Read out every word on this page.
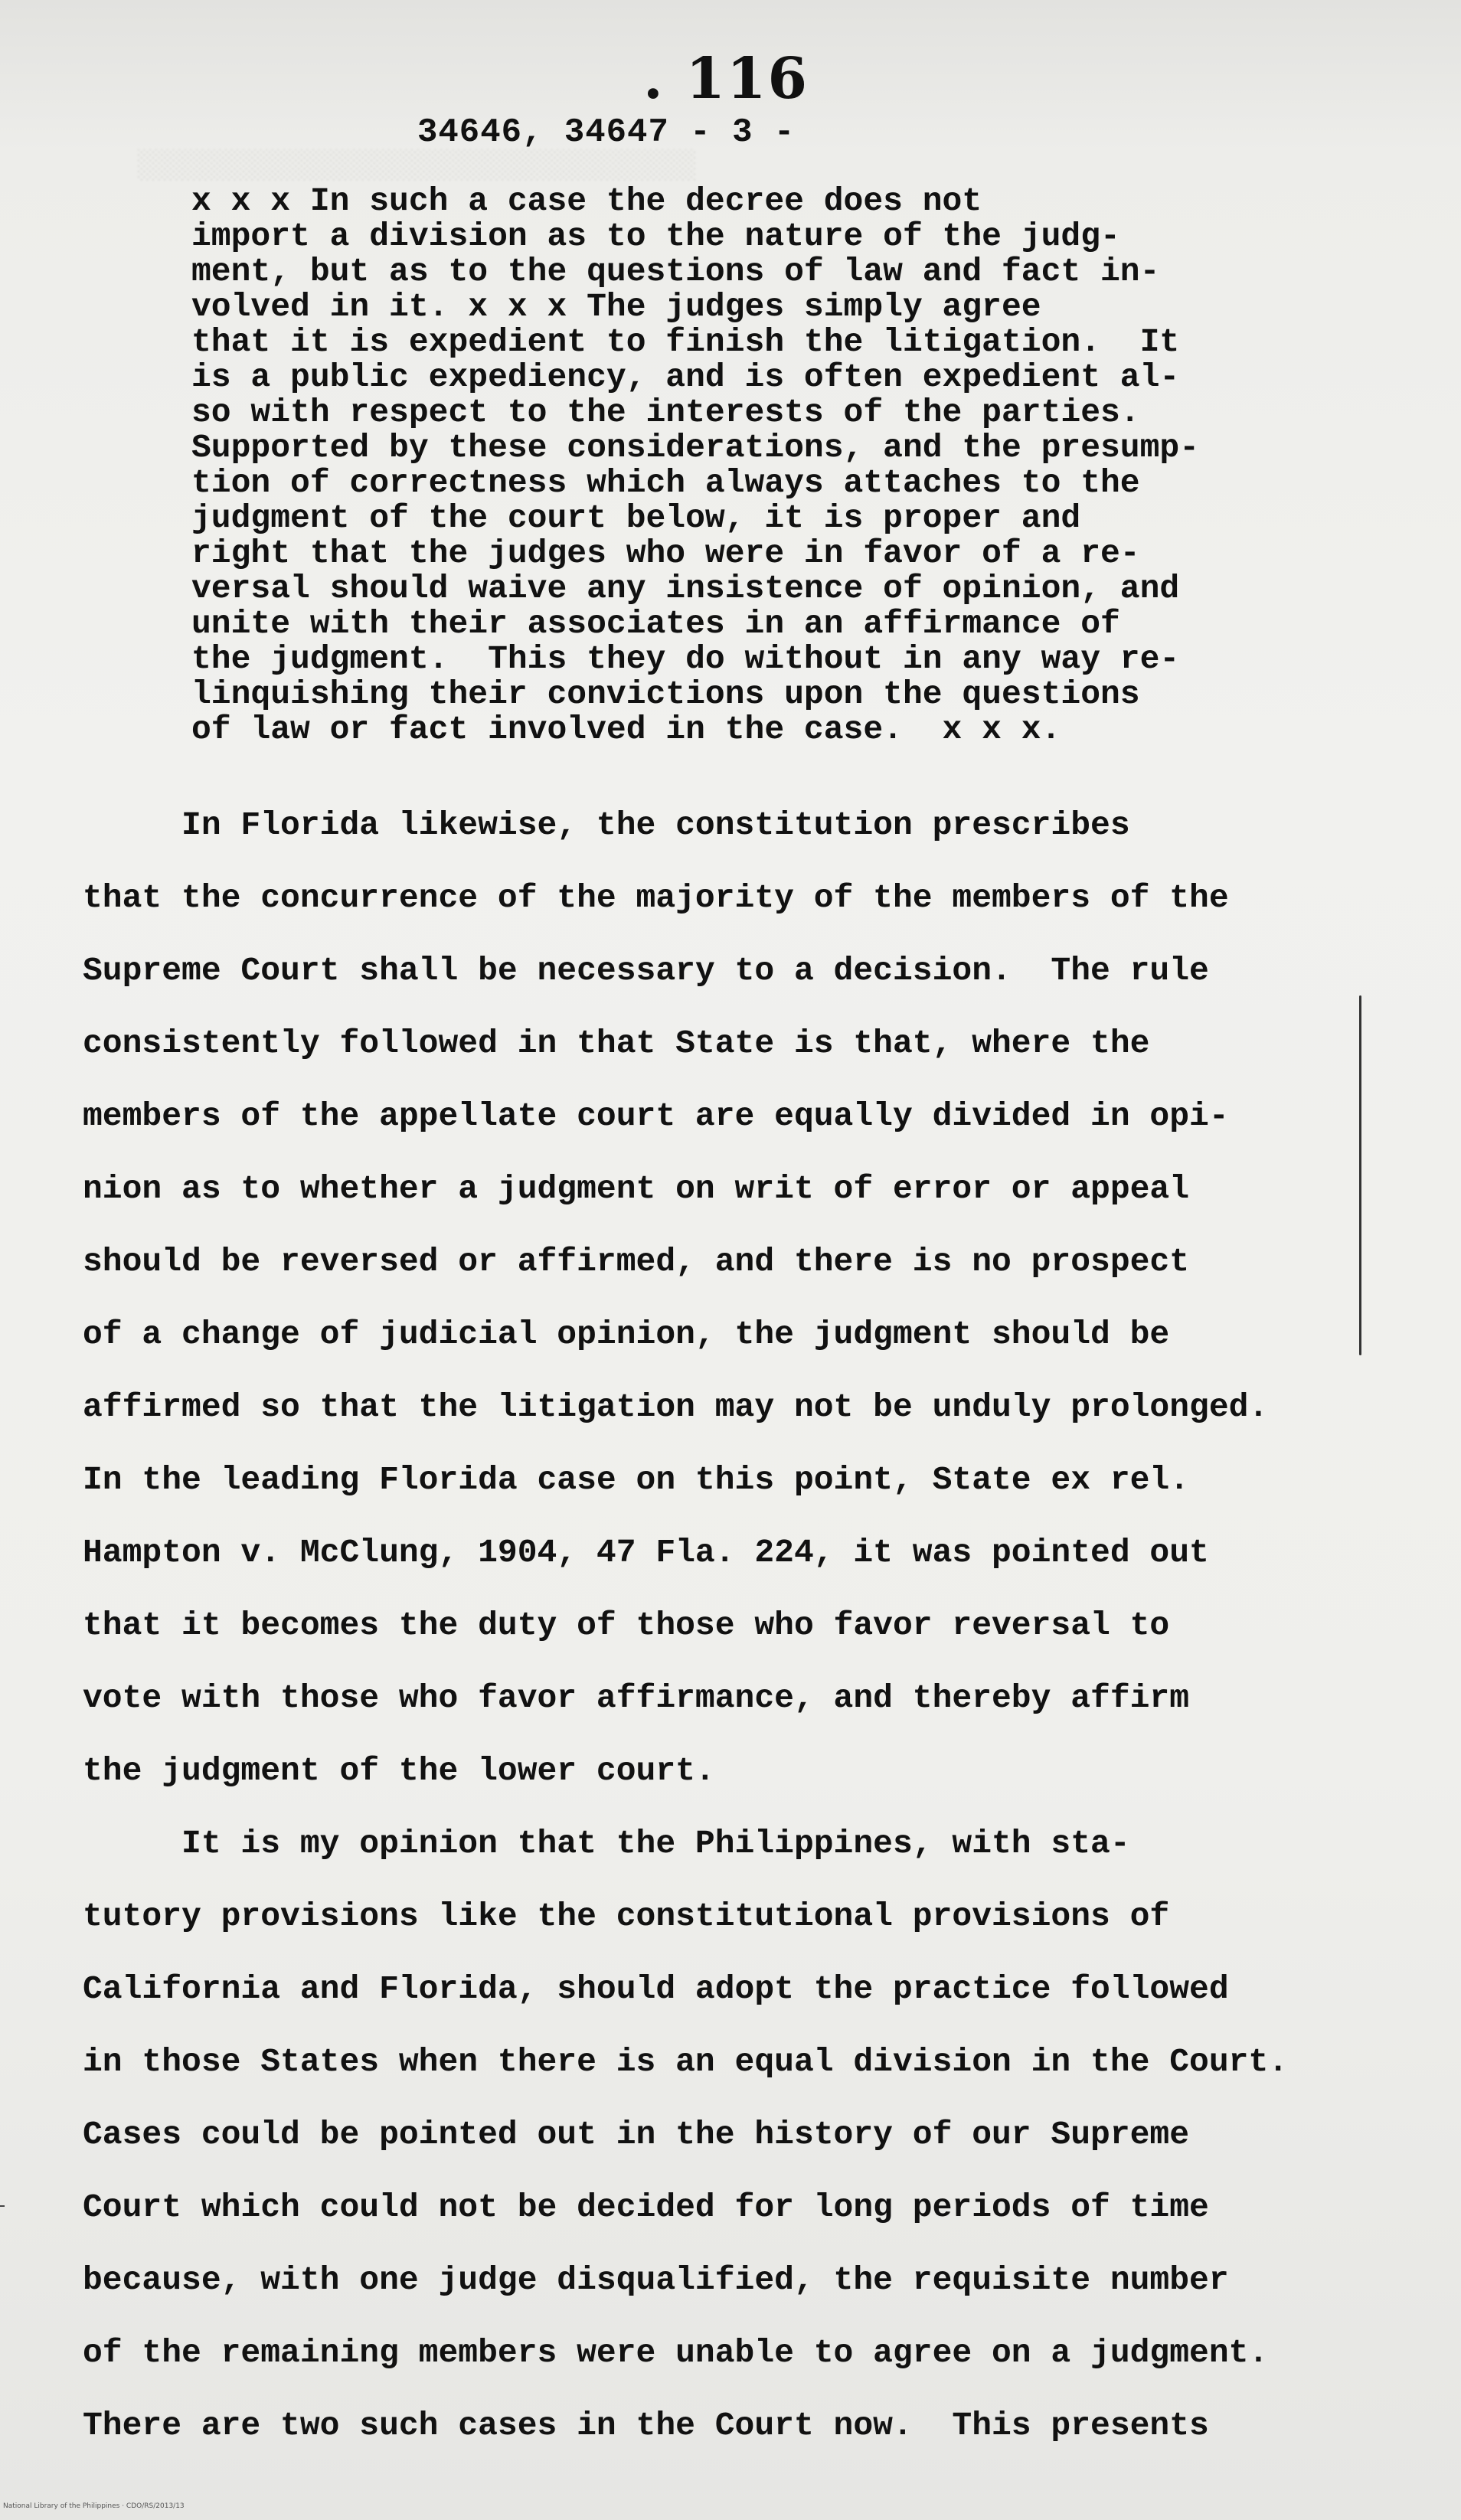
░░░░░░░░░░░░░░░░░░░░░░░░░░░░░░░░
. 116
34646, 34647 - 3 -
x x x In such a case the decree does not
import a division as to the nature of the judg-
ment, but as to the questions of law and fact in-
volved in it. x x x The judges simply agree
that it is expedient to finish the litigation.  It
is a public expediency, and is often expedient al-
so with respect to the interests of the parties.
Supported by these considerations, and the presump-
tion of correctness which always attaches to the
judgment of the court below, it is proper and
right that the judges who were in favor of a re-
versal should waive any insistence of opinion, and
unite with their associates in an affirmance of
the judgment.  This they do without in any way re-
linquishing their convictions upon the questions
of law or fact involved in the case.  x x x.
In Florida likewise, the constitution prescribes
that the concurrence of the majority of the members of the
Supreme Court shall be necessary to a decision.  The rule
consistently followed in that State is that, where the
members of the appellate court are equally divided in opi-
nion as to whether a judgment on writ of error or appeal
should be reversed or affirmed, and there is no prospect
of a change of judicial opinion, the judgment should be
affirmed so that the litigation may not be unduly prolonged.
In the leading Florida case on this point, State ex rel.
Hampton v. McClung, 1904, 47 Fla. 224, it was pointed out
that it becomes the duty of those who favor reversal to
vote with those who favor affirmance, and thereby affirm
the judgment of the lower court.
It is my opinion that the Philippines, with sta-
tutory provisions like the constitutional provisions of
California and Florida, should adopt the practice followed
in those States when there is an equal division in the Court.
Cases could be pointed out in the history of our Supreme
Court which could not be decided for long periods of time
because, with one judge disqualified, the requisite number
of the remaining members were unable to agree on a judgment.
There are two such cases in the Court now.  This presents
National Library of the Philippines · CDO/RS/2013/13
